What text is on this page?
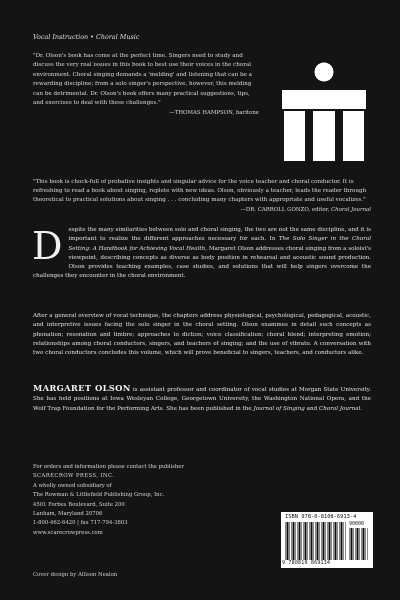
Vocal Instruction • Choral Music

"Dr. Olson's book has come at the perfect time. Singers need to study and discuss the very real issues in this book to best use their voices in the choral environment. Choral singing demands a 'melding' and listening that can be a rewarding discipline; from a solo singer's perspective, however, this melding can be detrimental. Dr. Olson's book offers many practical suggestions, tips, and exercises to deal with these challenges."

—THOMAS HAMPSON, baritone

"This book is chock-full of probative insights and singular advice for the voice teacher and choral conductor. It is refreshing to read a book about singing, replete with new ideas. Olson, obviously a teacher, leads the reader through theoretical to practical solutions about singing . . . concluding many chapters with appropriate and useful vocalizes."

—DR. CARROLL GONZO, editor, Choral Journal

D	espite the many similarities between solo and choral singing, the two are not the same discipline, and it is important to realize the different approaches necessary for each. In The Solo Singer in the Choral Setting: A Handbook for Achieving Vocal Health, Margaret Olson addresses choral singing from a soloist's viewpoint, describing concepts as diverse as body position in rehearsal and acoustic sound production. Olson provides teaching examples, case studies, and solutions that will help singers overcome the challenges they encounter in the choral environment.

After a general overview of vocal technique, the chapters address physiological, psychological, pedagogical, acoustic, and interpretive issues facing the solo singer in the choral setting. Olson examines in detail such concepts as phonation; resonation and timbre; approaches to diction; voice classification; choral blend; interpreting emotion; relationships among choral conductors, singers, and teachers of singing; and the use of vibrato. A conversation with two choral conductors concludes this volume, which will prove beneficial to singers, teachers, and conductors alike.

MARGARET OLSON is assistant professor and coordinator of vocal studies at Morgan State University. She has held positions at Iowa Wesleyan College, Georgetown University, the Washington National Opera, and the Wolf Trap Foundation for the Performing Arts. She has been published in the Journal of Singing and Choral Journal.

For orders and information please contact the publisher
SCARECROW PRESS, INC.
A wholly owned subsidiary of
The Rowman & Littlefield Publishing Group, Inc.
4501 Forbes Boulevard, Suite 200
Lanham, Maryland 20706
1-800-462-6420 | fax 717-794-3803
www.scarecrowpress.com
Cover design by Allison Nealon
ISBN 978-0-8108-6913-4
9 780810 869134
90000
